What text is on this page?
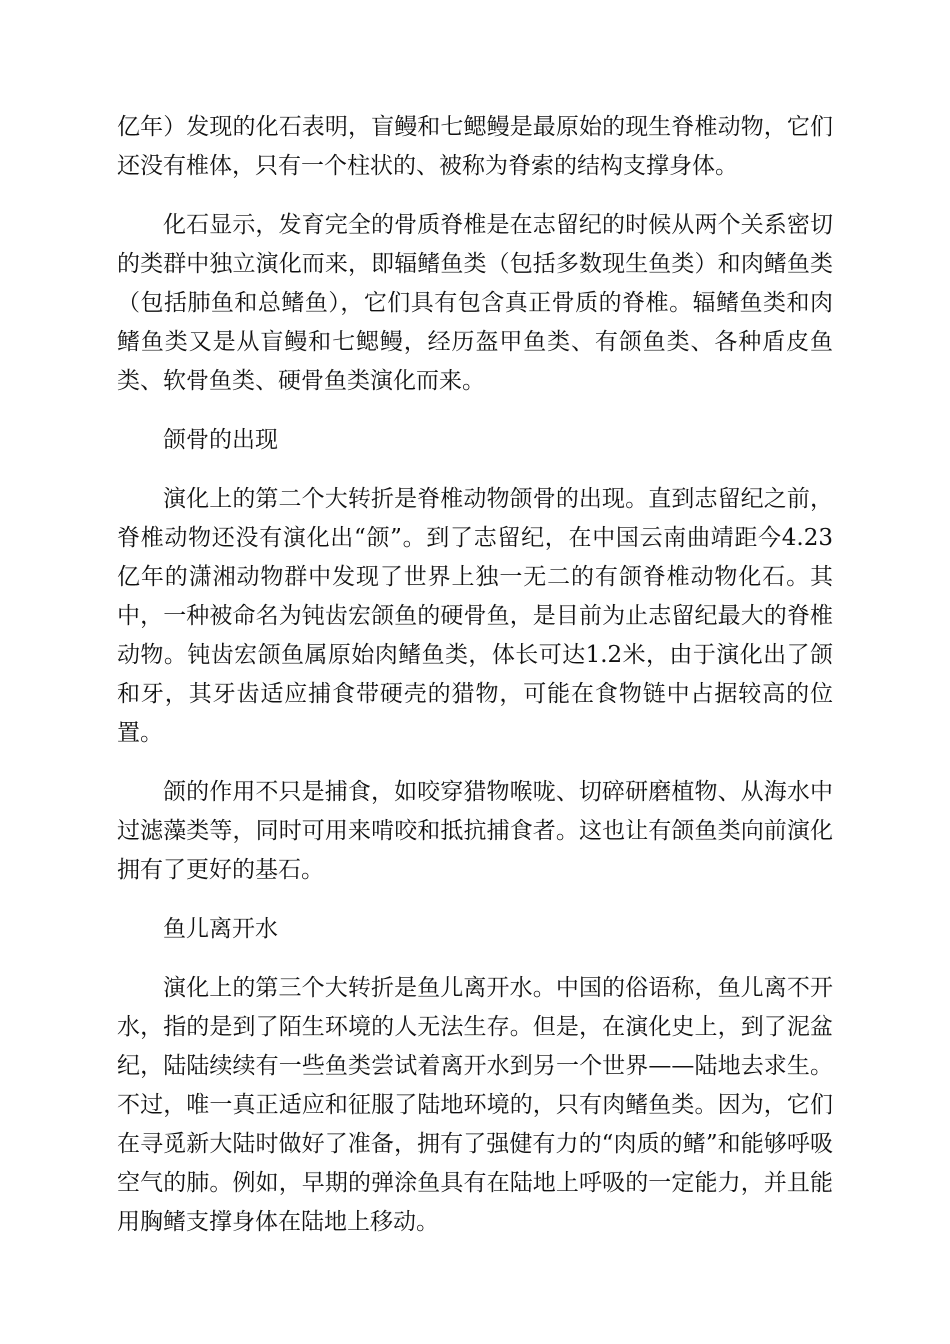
亿年）发现的化石表明，盲鳗和七鳃鳗是最原始的现生脊椎动物，它们还没有椎体，只有一个柱状的、被称为脊索的结构支撑身体。

化石显示，发育完全的骨质脊椎是在志留纪的时候从两个关系密切的类群中独立演化而来，即辐鳍鱼类（包括多数现生鱼类）和肉鳍鱼类（包括肺鱼和总鳍鱼），它们具有包含真正骨质的脊椎。辐鳍鱼类和肉鳍鱼类又是从盲鳗和七鳃鳗，经历盔甲鱼类、有颌鱼类、各种盾皮鱼类、软骨鱼类、硬骨鱼类演化而来。

颌骨的出现

演化上的第二个大转折是脊椎动物颌骨的出现。直到志留纪之前，脊椎动物还没有演化出“颌”。到了志留纪，在中国云南曲靖距今4.23亿年的潇湘动物群中发现了世界上独一无二的有颌脊椎动物化石。其中，一种被命名为钝齿宏颌鱼的硬骨鱼，是目前为止志留纪最大的脊椎动物。钝齿宏颌鱼属原始肉鳍鱼类，体长可达1.2米，由于演化出了颌和牙，其牙齿适应捕食带硬壳的猎物，可能在食物链中占据较高的位置。

颌的作用不只是捕食，如咬穿猎物喉咙、切碎研磨植物、从海水中过滤藻类等，同时可用来啃咬和抵抗捕食者。这也让有颌鱼类向前演化拥有了更好的基石。

鱼儿离开水

演化上的第三个大转折是鱼儿离开水。中国的俗语称，鱼儿离不开水，指的是到了陌生环境的人无法生存。但是，在演化史上，到了泥盆纪，陆陆续续有一些鱼类尝试着离开水到另一个世界——陆地去求生。不过，唯一真正适应和征服了陆地环境的，只有肉鳍鱼类。因为，它们在寻觅新大陆时做好了准备，拥有了强健有力的“肉质的鳍”和能够呼吸空气的肺。例如，早期的弹涂鱼具有在陆地上呼吸的一定能力，并且能用胸鳍支撑身体在陆地上移动。
